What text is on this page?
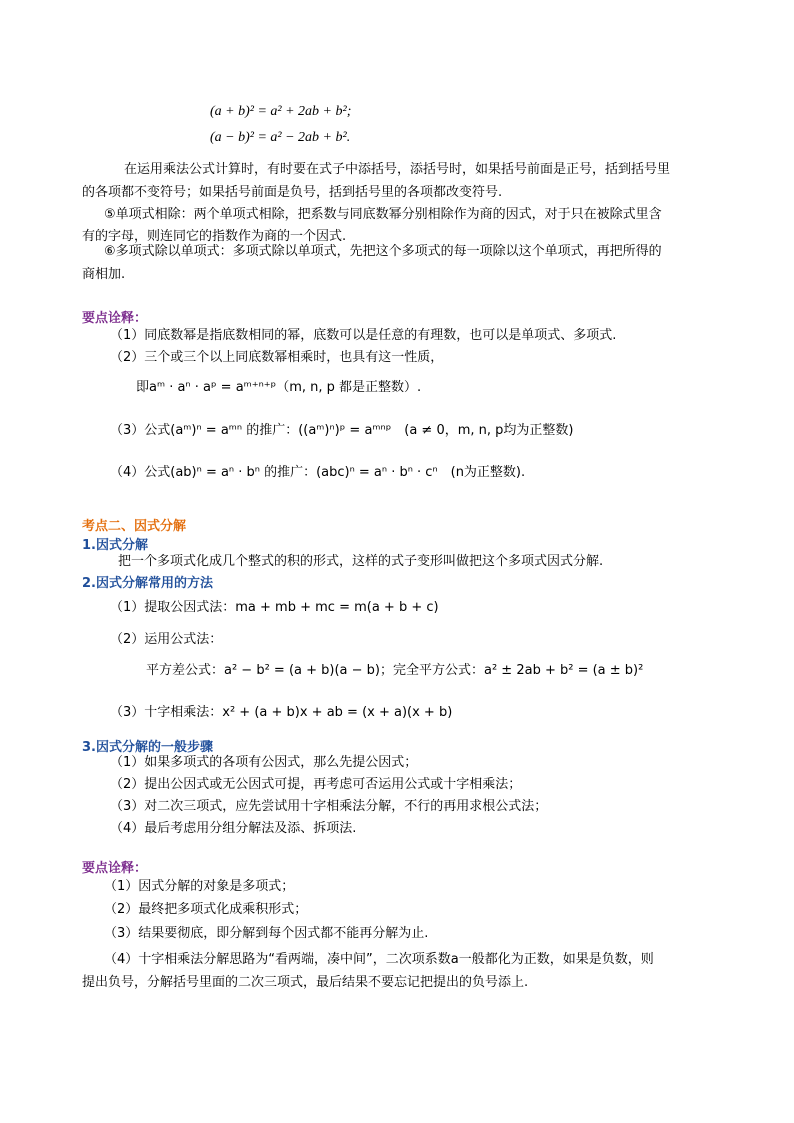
(a + b)² = a² + 2ab + b²;
(a − b)² = a² − 2ab + b².
在运用乘法公式计算时，有时要在式子中添括号，添括号时，如果括号前面是正号，括到括号里
的各项都不变符号；如果括号前面是负号，括到括号里的各项都改变符号.
⑤单项式相除：两个单项式相除，把系数与同底数幂分别相除作为商的因式，对于只在被除式里含
有的字母，则连同它的指数作为商的一个因式.
⑥多项式除以单项式：多项式除以单项式，先把这个多项式的每一项除以这个单项式，再把所得的
商相加.
要点诠释：
（1）同底数幂是指底数相同的幂，底数可以是任意的有理数，也可以是单项式、多项式.
（2）三个或三个以上同底数幂相乘时，也具有这一性质，
即aᵐ · aⁿ · aᵖ = aᵐ⁺ⁿ⁺ᵖ（m, n, p 都是正整数）.
（3）公式(aᵐ)ⁿ = aᵐⁿ 的推广：((aᵐ)ⁿ)ᵖ = aᵐⁿᵖ　(a ≠ 0，m, n, p均为正整数)
（4）公式(ab)ⁿ = aⁿ · bⁿ 的推广：(abc)ⁿ = aⁿ · bⁿ · cⁿ　(n为正整数).
考点二、因式分解
1.因式分解
把一个多项式化成几个整式的积的形式，这样的式子变形叫做把这个多项式因式分解.
2.因式分解常用的方法
（1）提取公因式法：ma + mb + mc = m(a + b + c)
（2）运用公式法：
平方差公式：a² − b² = (a + b)(a − b)；完全平方公式：a² ± 2ab + b² = (a ± b)²
（3）十字相乘法：x² + (a + b)x + ab = (x + a)(x + b)
3.因式分解的一般步骤
（1）如果多项式的各项有公因式，那么先提公因式；
（2）提出公因式或无公因式可提，再考虑可否运用公式或十字相乘法；
（3）对二次三项式，应先尝试用十字相乘法分解，不行的再用求根公式法；
（4）最后考虑用分组分解法及添、拆项法.
要点诠释：
（1）因式分解的对象是多项式；
（2）最终把多项式化成乘积形式；
（3）结果要彻底，即分解到每个因式都不能再分解为止.
（4）十字相乘法分解思路为“看两端，凑中间”，二次项系数a一般都化为正数，如果是负数，则
提出负号，分解括号里面的二次三项式，最后结果不要忘记把提出的负号添上.
